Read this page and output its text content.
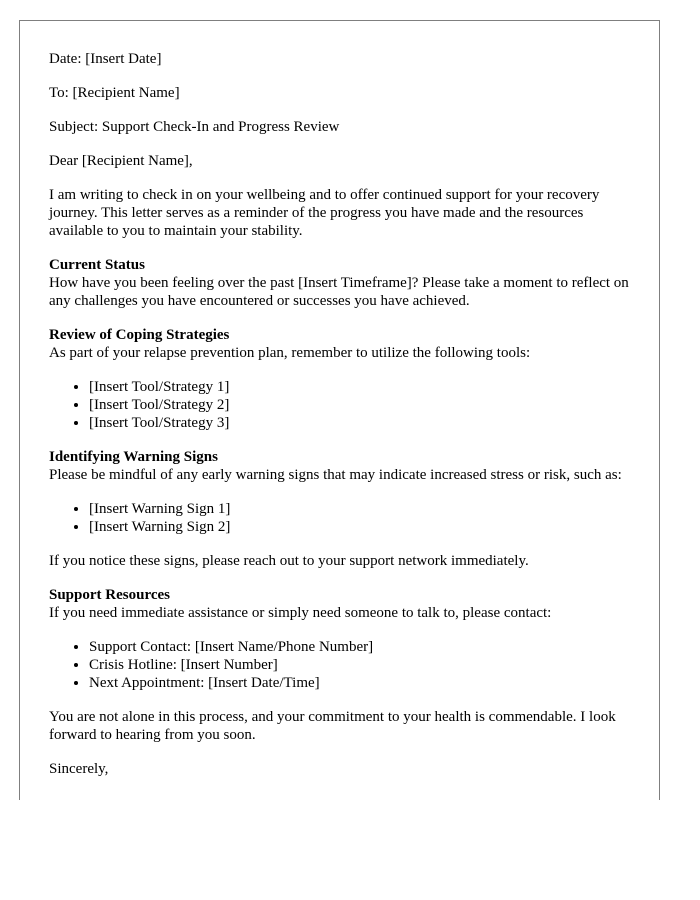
Date: [Insert Date]

To: [Recipient Name]

Subject: Support Check-In and Progress Review

Dear [Recipient Name],

I am writing to check in on your wellbeing and to offer continued support for your recovery journey. This letter serves as a reminder of the progress you have made and the resources available to you to maintain your stability.

Current Status
How have you been feeling over the past [Insert Timeframe]? Please take a moment to reflect on any challenges you have encountered or successes you have achieved.
Review of Coping Strategies
As part of your relapse prevention plan, remember to utilize the following tools:
• [Insert Tool/Strategy 1]
• [Insert Tool/Strategy 2]
• [Insert Tool/Strategy 3]
Identifying Warning Signs
Please be mindful of any early warning signs that may indicate increased stress or risk, such as:
• [Insert Warning Sign 1]
• [Insert Warning Sign 2]

If you notice these signs, please reach out to your support network immediately.

Support Resources
If you need immediate assistance or simply need someone to talk to, please contact:
• Support Contact: [Insert Name/Phone Number]
• Crisis Hotline: [Insert Number]
• Next Appointment: [Insert Date/Time]

You are not alone in this process, and your commitment to your health is commendable. I look forward to hearing from you soon.

Sincerely,
